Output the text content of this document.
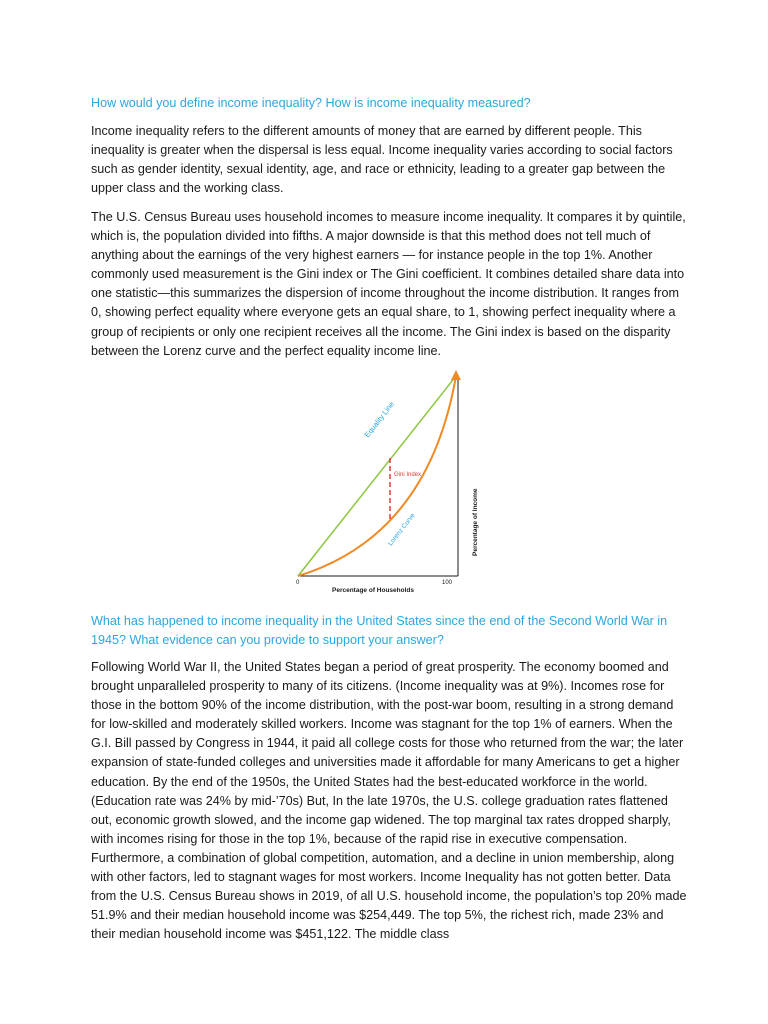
How would you define income inequality? How is income inequality measured?

Income inequality refers to the different amounts of money that are earned by different people. This inequality is greater when the dispersal is less equal. Income inequality varies according to social factors such as gender identity, sexual identity, age, and race or ethnicity, leading to a greater gap between the upper class and the working class.

The U.S. Census Bureau uses household incomes to measure income inequality. It compares it by quintile, which is, the population divided into fifths. A major downside is that this method does not tell much of anything about the earnings of the very highest earners — for instance people in the top 1%. Another commonly used measurement is the Gini index or The Gini coefficient. It combines detailed share data into one statistic—this summarizes the dispersion of income throughout the income distribution. It ranges from 0, showing perfect equality where everyone gets an equal share, to 1, showing perfect inequality where a group of recipients or only one recipient receives all the income. The Gini index is based on the disparity between the Lorenz curve and the perfect equality income line.

Equality Line
Gini Index
Lorenz Curve	Percentage of Income
Percentage of Households
0	100

What has happened to income inequality in the United States since the end of the Second World War in 1945? What evidence can you provide to support your answer?

Following World War II, the United States began a period of great prosperity. The economy boomed and brought unparalleled prosperity to many of its citizens. (Income inequality was at 9%). Incomes rose for those in the bottom 90% of the income distribution, with the post-war boom, resulting in a strong demand for low-skilled and moderately skilled workers. Income was stagnant for the top 1% of earners. When the G.I. Bill passed by Congress in 1944, it paid all college costs for those who returned from the war; the later expansion of state-funded colleges and universities made it affordable for many Americans to get a higher education. By the end of the 1950s, the United States had the best-educated workforce in the world. (Education rate was 24% by mid-’70s) But, In the late 1970s, the U.S. college graduation rates flattened out, economic growth slowed, and the income gap widened. The top marginal tax rates dropped sharply, with incomes rising for those in the top 1%, because of the rapid rise in executive compensation. Furthermore, a combination of global competition, automation, and a decline in union membership, along with other factors, led to stagnant wages for most workers. Income Inequality has not gotten better. Data from the U.S. Census Bureau shows in 2019, of all U.S. household income, the population’s top 20% made 51.9% and their median household income was $254,449. The top 5%, the richest rich, made 23% and their median household income was $451,122. The middle class
